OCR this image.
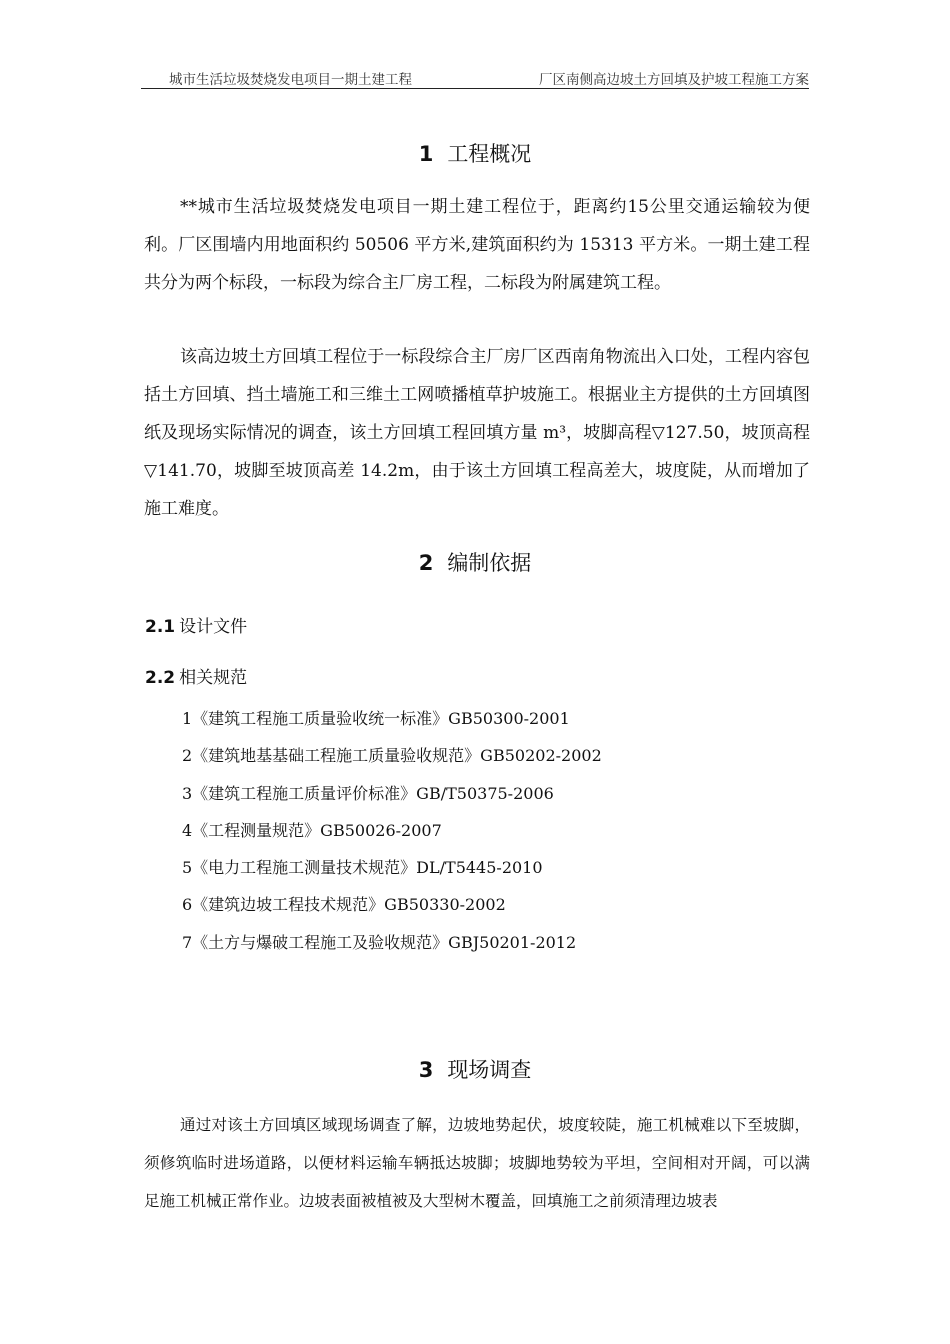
城市生活垃圾焚烧发电项目一期土建工程	厂区南侧高边坡土方回填及护坡工程施工方案
1 工程概况

**城市生活垃圾焚烧发电项目一期土建工程位于，距离约15公里交通运输较为便利。厂区围墙内用地面积约 50506 平方米,建筑面积约为 15313 平方米。一期土建工程共分为两个标段，一标段为综合主厂房工程，二标段为附属建筑工程。

该高边坡土方回填工程位于一标段综合主厂房厂区西南角物流出入口处，工程内容包括土方回填、挡土墙施工和三维土工网喷播植草护坡施工。根据业主方提供的土方回填图纸及现场实际情况的调查，该土方回填工程回填方量 m³，坡脚高程▽127.50，坡顶高程▽141.70，坡脚至坡顶高差 14.2m，由于该土方回填工程高差大，坡度陡，从而增加了施工难度。

2 编制依据
2.1 设计文件
2.2 相关规范
1《建筑工程施工质量验收统一标准》GB50300-2001
2《建筑地基基础工程施工质量验收规范》GB50202-2002
3《建筑工程施工质量评价标准》GB/T50375-2006
4《工程测量规范》GB50026-2007
5《电力工程施工测量技术规范》DL/T5445-2010
6《建筑边坡工程技术规范》GB50330-2002
7《土方与爆破工程施工及验收规范》GBJ50201-2012
3 现场调查

通过对该土方回填区域现场调查了解，边坡地势起伏，坡度较陡，施工机械难以下至坡脚，须修筑临时进场道路，以便材料运输车辆抵达坡脚；坡脚地势较为平坦，空间相对开阔，可以满足施工机械正常作业。边坡表面被植被及大型树木覆盖，回填施工之前须清理边坡表
